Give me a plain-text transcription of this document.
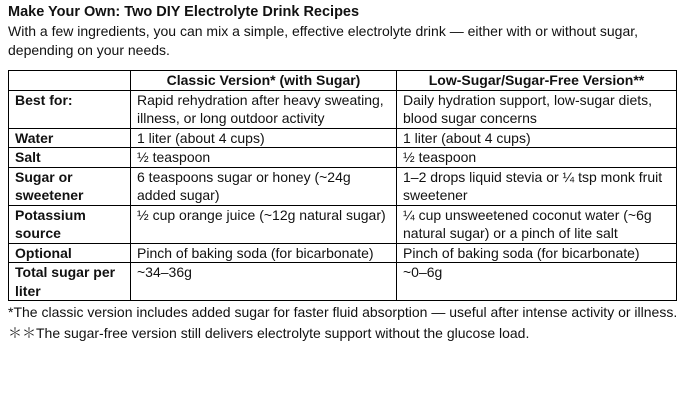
Make Your Own: Two DIY Electrolyte Drink Recipes
With a few ingredients, you can mix a simple, effective electrolyte drink — either with or without sugar, depending on your needs.
	Classic Version* (with Sugar)	Low-Sugar/Sugar-Free Version**
Best for:	Rapid rehydration after heavy sweating, illness, or long outdoor activity	Daily hydration support, low-sugar diets, blood sugar concerns
Water	1 liter (about 4 cups)	1 liter (about 4 cups)
Salt	½ teaspoon	½ teaspoon
Sugar or sweetener	6 teaspoons sugar or honey (~24g added sugar)	1–2 drops liquid stevia or ¼ tsp monk fruit sweetener
Potassium source	½ cup orange juice (~12g natural sugar)	¼ cup unsweetened coconut water (~6g natural sugar) or a pinch of lite salt
Optional	Pinch of baking soda (for bicarbonate)	Pinch of baking soda (for bicarbonate)
Total sugar per liter	~34–36g	~0–6g
*The classic version includes added sugar for faster fluid absorption — useful after intense activity or illness.
＊＊The sugar-free version still delivers electrolyte support without the glucose load.
